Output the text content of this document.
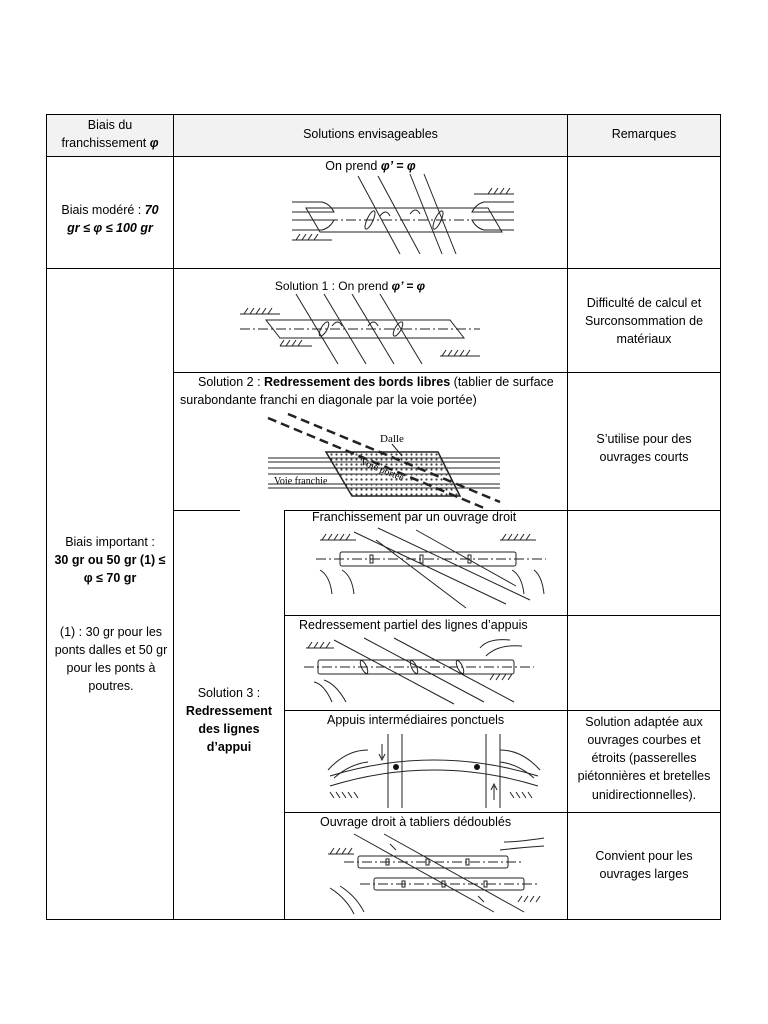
Biais du
franchissement φ
Solutions envisageables	Remarques
Biais modéré : 70
gr ≤ φ ≤ 100 gr
On prend φ’ = φ
Biais important :
30 gr ou 50 gr (1) ≤ φ ≤ 70 gr
(1) : 30 gr pour les ponts dalles et 50 gr pour les ponts à poutres.
Solution 1 : On prend φ’ = φ
Difficulté de calcul et Surconsommation de matériaux
Solution 2 : Redressement des bords libres (tablier de surface surabondante franchi en diagonale par la voie portée)
Dalle
Voie portée
Voie franchie
S’utilise pour des ouvrages courts
Solution 3 :
Redressement des lignes d’appui
Franchissement par un ouvrage droit
Redressement partiel des lignes d’appuis
Appuis intermédiaires ponctuels	Solution adaptée aux ouvrages courbes et étroits (passerelles piétonnières et bretelles unidirectionnelles).
Ouvrage droit à tabliers dédoublés
Convient pour les ouvrages larges
